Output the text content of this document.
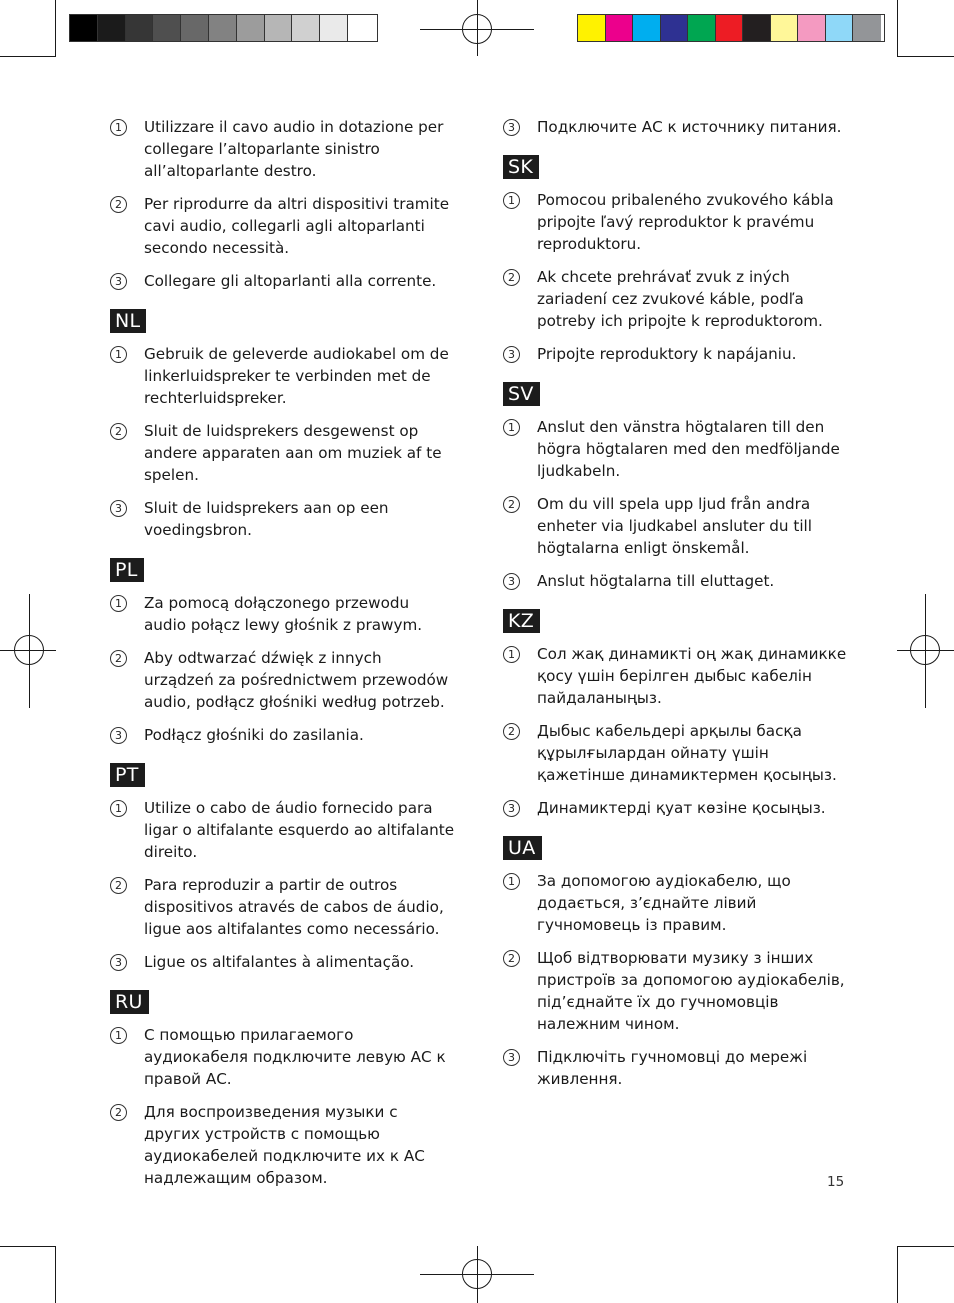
1	Utilizzare il cavo audio in dotazione per collegare l’altoparlante sinistro all’altoparlante destro.
2	Per riprodurre da altri dispositivi tramite cavi audio, collegarli agli altoparlanti secondo necessità.
3	Collegare gli altoparlanti alla corrente.
NL
1	Gebruik de geleverde audiokabel om de linkerluidspreker te verbinden met de rechterluidspreker.
2	Sluit de luidsprekers desgewenst op andere apparaten aan om muziek af te spelen.
3	Sluit de luidsprekers aan op een voedingsbron.
PL
1	Za pomocą dołączonego przewodu audio połącz lewy głośnik z prawym.
2	Aby odtwarzać dźwięk z innych urządzeń za pośrednictwem przewodów audio, podłącz głośniki według potrzeb.
3	Podłącz głośniki do zasilania.
PT
1	Utilize o cabo de áudio fornecido para ligar o altifalante esquerdo ao altifalante direito.
2	Para reproduzir a partir de outros dispositivos através de cabos de áudio, ligue aos altifalantes como necessário.
3	Ligue os altifalantes à alimentação.
RU
1	С помощью прилагаемого аудиокабеля подключите левую АС к правой АС.
2	Для воспроизведения музыки с других устройств с помощью аудиокабелей подключите их к АС надлежащим образом.
3	Подключите АС к источнику питания.
SK
1	Pomocou pribaleného zvukového kábla pripojte ľavý reproduktor k pravému reproduktoru.
2	Ak chcete prehrávať zvuk z iných zariadení cez zvukové káble, podľa potreby ich pripojte k reproduktorom.
3	Pripojte reproduktory k napájaniu.
SV
1	Anslut den vänstra högtalaren till den högra högtalaren med den medföljande ljudkabeln.
2	Om du vill spela upp ljud från andra enheter via ljudkabel ansluter du till högtalarna enligt önskemål.
3	Anslut högtalarna till eluttaget.
KZ
1	Сол жақ динамикті оң жақ динамикке қосу үшін берілген дыбыс кабелін пайдаланыңыз.
2	Дыбыс кабельдері арқылы басқа құрылғылардан ойнату үшін қажетінше динамиктермен қосыңыз.
3	Динамиктерді қуат көзіне қосыңыз.
UA
1	За допомогою аудіокабелю, що додається, з’єднайте лівий гучномовець із правим.
2	Щоб відтворювати музику з інших пристроїв за допомогою аудіокабелів, під’єднайте їх до гучномовців належним чином.
3	Підключіть гучномовці до мережі живлення.
15
